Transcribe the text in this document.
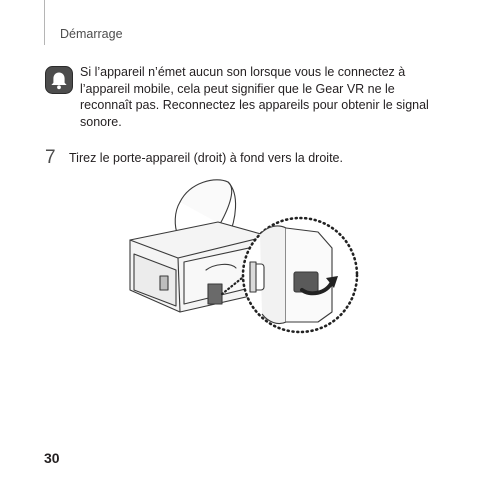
Démarrage
Si l’appareil n’émet aucun son lorsque vous le connectez à l’appareil mobile, cela peut signifier que le Gear VR ne le reconnaît pas. Reconnectez les appareils pour obtenir le signal sonore.
7 Tirez le porte-appareil (droit) à fond vers la droite.
30
